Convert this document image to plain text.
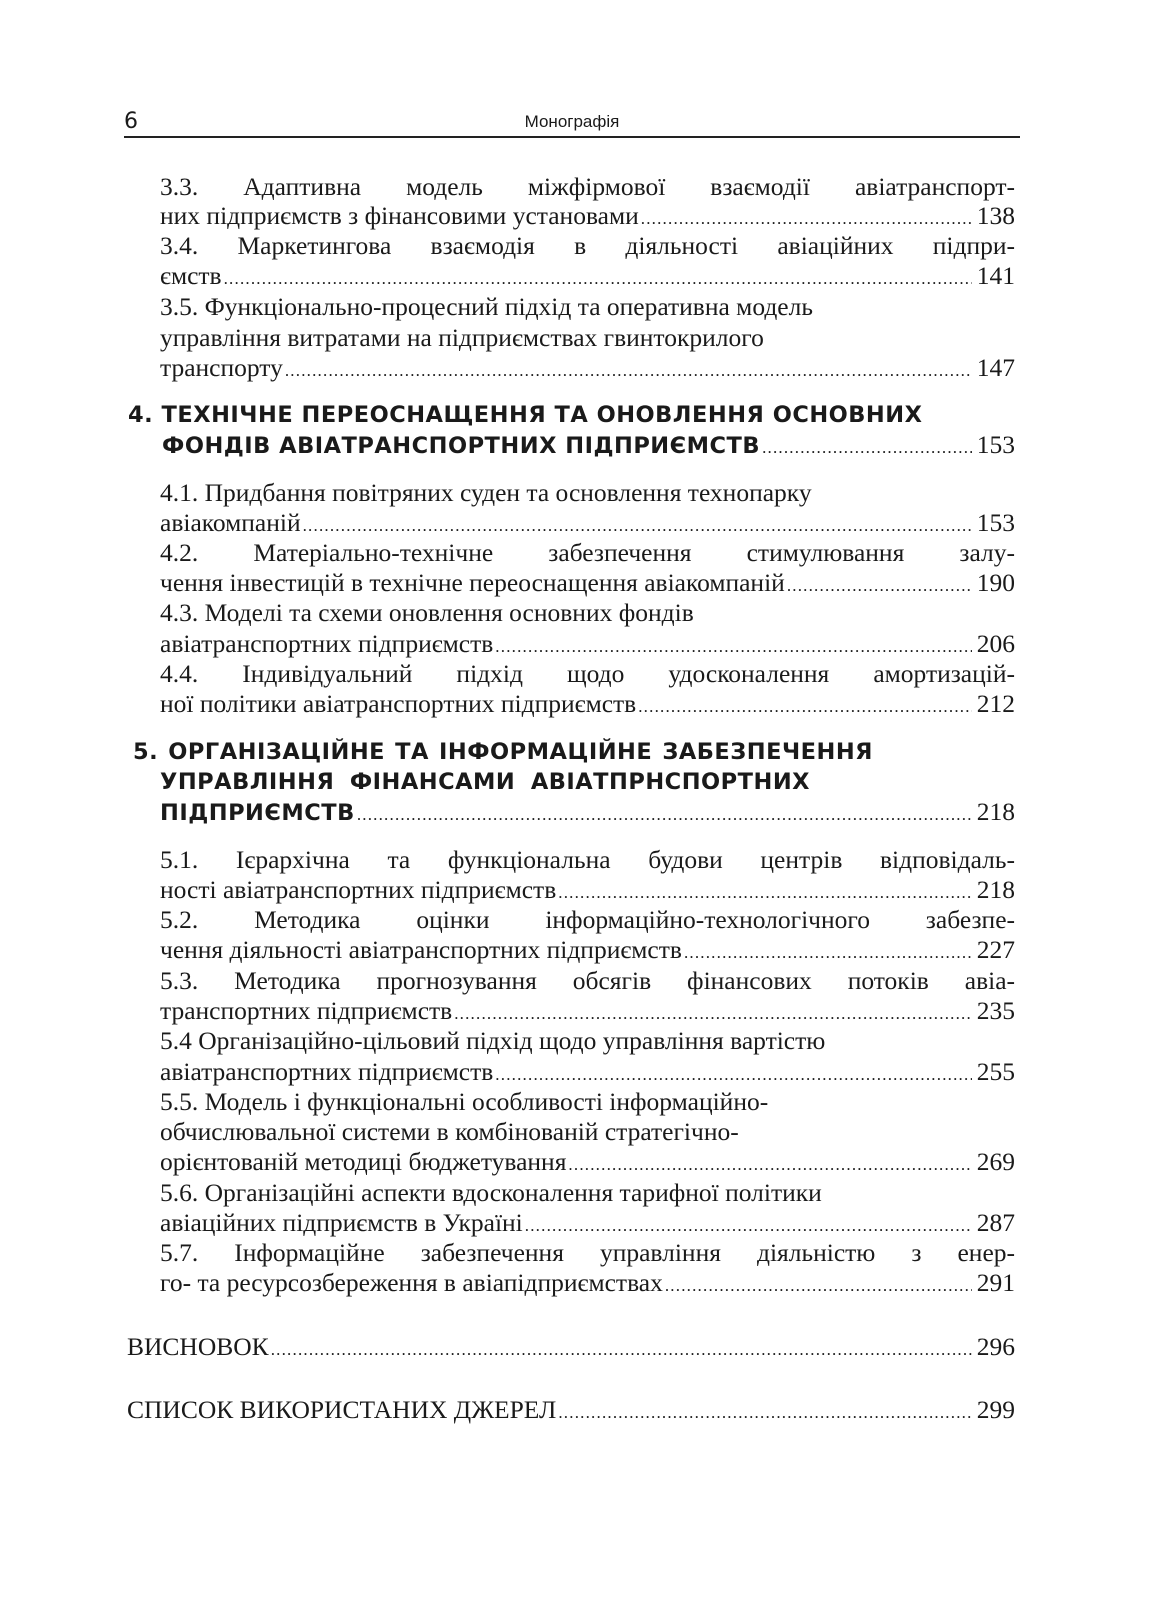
6	Монографія
3.3. Адаптивна модель міжфірмової взаємодії авіатранспорт-
них підприємств з фінансовими установами .....	138
3.4. Маркетингова взаємодія в діяльності авіаційних підпри-
ємств .....	141
3.5. Функціонально-процесний підхід та оперативна модель
управління витратами на підприємствах гвинтокрилого
транспорту .....	147
4. ТЕХНІЧНЕ ПЕРЕОСНАЩЕННЯ ТА ОНОВЛЕННЯ ОСНОВНИХ
ФОНДІВ АВІАТРАНСПОРТНИХ ПІДПРИЄМСТВ .....	153
4.1. Придбання повітряних суден та основлення технопарку
авіакомпаній .....	153
4.2. Матеріально-технічне забезпечення стимулювання залу-
чення інвестицій в технічне переоснащення авіакомпаній .....	190
4.3. Моделі та схеми оновлення основних фондів
авіатранспортних підприємств .....	206
4.4. Індивідуальний підхід щодо удосконалення амортизацій-
ної політики авіатранспортних підприємств .....	212
5. ОРГАНІЗАЦІЙНЕ ТА ІНФОРМАЦІЙНЕ ЗАБЕЗПЕЧЕННЯ
УПРАВЛІННЯ ФІНАНСАМИ АВІАТПРНСПОРТНИХ
ПІДПРИЄМСТВ .....	218
5.1. Ієрархічна та функціональна будови центрів відповідаль-
ності авіатранспортних підприємств .....	218
5.2. Методика оцінки інформаційно-технологічного забезпе-
чення діяльності авіатранспортних підприємств .....	227
5.3. Методика прогнозування обсягів фінансових потоків авіа-
транспортних підприємств .....	235
5.4 Організаційно-цільовий підхід щодо управління вартістю
авіатранспортних підприємств .....	255
5.5. Модель і функціональні особливості інформаційно-
обчислювальної системи в комбінованій стратегічно-
орієнтованій методиці бюджетування .....	269
5.6. Організаційні аспекти вдосконалення тарифної політики
авіаційних підприємств в Україні .....	287
5.7. Інформаційне забезпечення управління діяльністю з енер-
го- та ресурсозбереження в авіапідприємствах .....	291
ВИСНОВОК .....	296
СПИСОК ВИКОРИСТАНИХ ДЖЕРЕЛ .....	299
